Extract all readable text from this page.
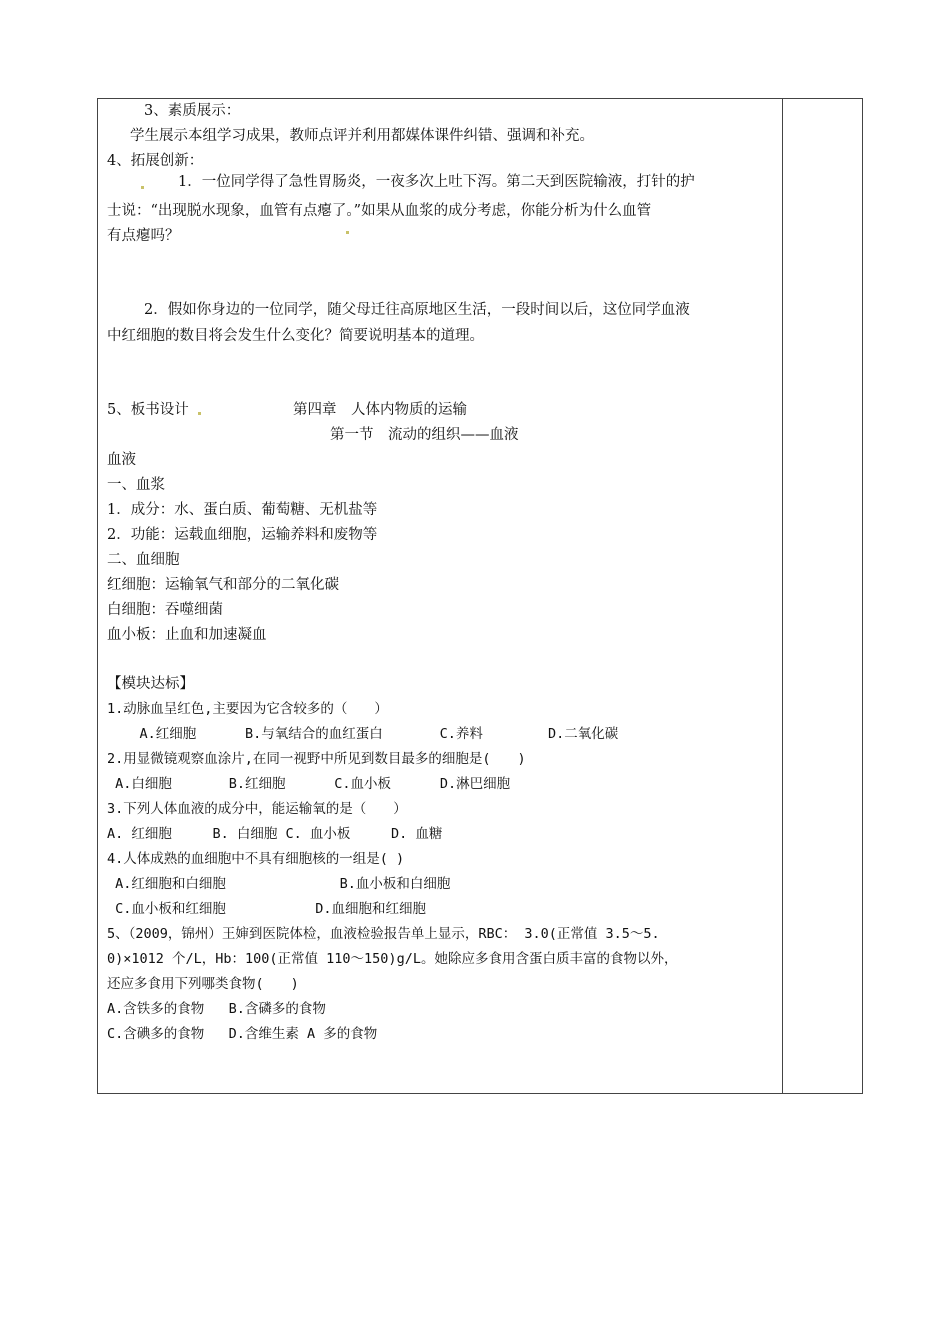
3、素质展示：
学生展示本组学习成果，教师点评并利用都媒体课件纠错、强调和补充。
4、拓展创新：
1．一位同学得了急性胃肠炎，一夜多次上吐下泻。第二天到医院输液，打针的护
士说：“出现脱水现象，血管有点瘪了。”如果从血浆的成分考虑，你能分析为什么血管
有点瘪吗？
2．假如你身边的一位同学，随父母迁往高原地区生活，一段时间以后，这位同学血液
中红细胞的数目将会发生什么变化？简要说明基本的道理。
5、板书设计	第四章　人体内物质的运输
第一节　流动的组织——血液
血液
一、血浆
1．成分：水、蛋白质、葡萄糖、无机盐等
2．功能：运载血细胞，运输养料和废物等
二、血细胞
红细胞：运输氧气和部分的二氧化碳
白细胞：吞噬细菌
血小板：止血和加速凝血
【模块达标】
1.动脉血呈红色,主要因为它含较多的（　　）
A.红细胞      B.与氧结合的血红蛋白       C.养料        D.二氧化碳
2.用显微镜观察血涂片,在同一视野中所见到数目最多的细胞是(　　)
A.白细胞       B.红细胞      C.血小板      D.淋巴细胞
3.下列人体血液的成分中，能运输氧的是（　　）
A. 红细胞     B. 白细胞 C. 血小板     D. 血糖
4.人体成熟的血细胞中不具有细胞核的一组是( )
A.红细胞和白细胞              B.血小板和白细胞
C.血小板和红细胞           D.血细胞和红细胞
5、（2009，锦州）王婶到医院体检，血液检验报告单上显示，RBC： 3.0(正常值 3.5～5.
0)×1012 个/L，Hb：100(正常值 110～150)g/L。她除应多食用含蛋白质丰富的食物以外，
还应多食用下列哪类食物(　　)
A.含铁多的食物   B.含磷多的食物
C.含碘多的食物   D.含维生素 A 多的食物
